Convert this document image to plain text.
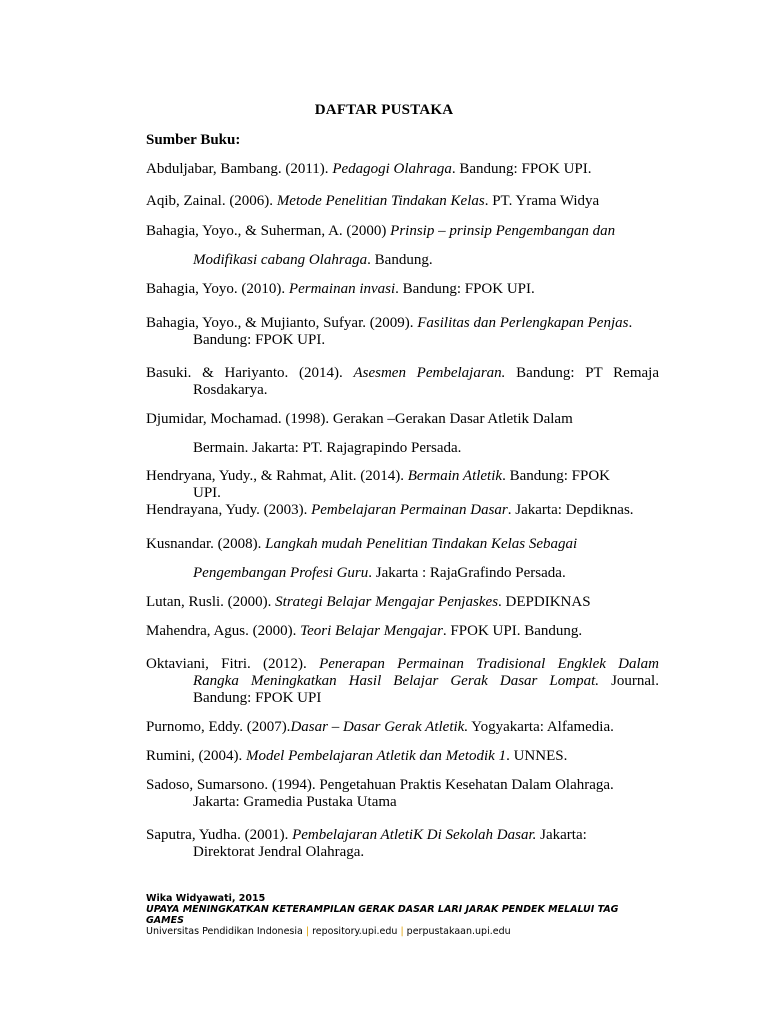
DAFTAR PUSTAKA
Sumber Buku:
Abduljabar, Bambang. (2011). Pedagogi Olahraga. Bandung: FPOK UPI.
Aqib, Zainal. (2006). Metode Penelitian Tindakan Kelas. PT. Yrama Widya
Bahagia, Yoyo., & Suherman, A. (2000) Prinsip – prinsip Pengembangan dan
Modifikasi cabang Olahraga. Bandung.
Bahagia, Yoyo. (2010). Permainan invasi. Bandung: FPOK UPI.
Bahagia, Yoyo., & Mujianto, Sufyar. (2009). Fasilitas dan Perlengkapan Penjas.
Bandung: FPOK UPI.
Basuki. & Hariyanto. (2014). Asesmen Pembelajaran. Bandung: PT Remaja
Rosdakarya.
Djumidar, Mochamad. (1998). Gerakan –Gerakan Dasar Atletik Dalam
Bermain. Jakarta: PT. Rajagrapindo Persada.
Hendryana, Yudy., & Rahmat, Alit. (2014). Bermain Atletik. Bandung: FPOK
UPI.
Hendrayana, Yudy. (2003). Pembelajaran Permainan Dasar. Jakarta: Depdiknas.
Kusnandar. (2008). Langkah mudah Penelitian Tindakan Kelas Sebagai
Pengembangan Profesi Guru. Jakarta : RajaGrafindo Persada.
Lutan, Rusli. (2000). Strategi Belajar Mengajar Penjaskes. DEPDIKNAS
Mahendra, Agus. (2000). Teori Belajar Mengajar. FPOK UPI. Bandung.
Oktaviani, Fitri. (2012). Penerapan Permainan Tradisional Engklek Dalam
Rangka Meningkatkan Hasil Belajar Gerak Dasar Lompat. Journal.
Bandung: FPOK UPI
Purnomo, Eddy. (2007).Dasar – Dasar Gerak Atletik. Yogyakarta: Alfamedia.
Rumini, (2004). Model Pembelajaran Atletik dan Metodik 1. UNNES.
Sadoso, Sumarsono. (1994). Pengetahuan Praktis Kesehatan Dalam Olahraga.
Jakarta: Gramedia Pustaka Utama
Saputra, Yudha. (2001). Pembelajaran AtletiK Di Sekolah Dasar. Jakarta:
Direktorat Jendral Olahraga.
Wika Widyawati, 2015
UPAYA MENINGKATKAN KETERAMPILAN GERAK DASAR LARI JARAK PENDEK MELALUI TAG GAMES
Universitas Pendidikan Indonesia | repository.upi.edu | perpustakaan.upi.edu
